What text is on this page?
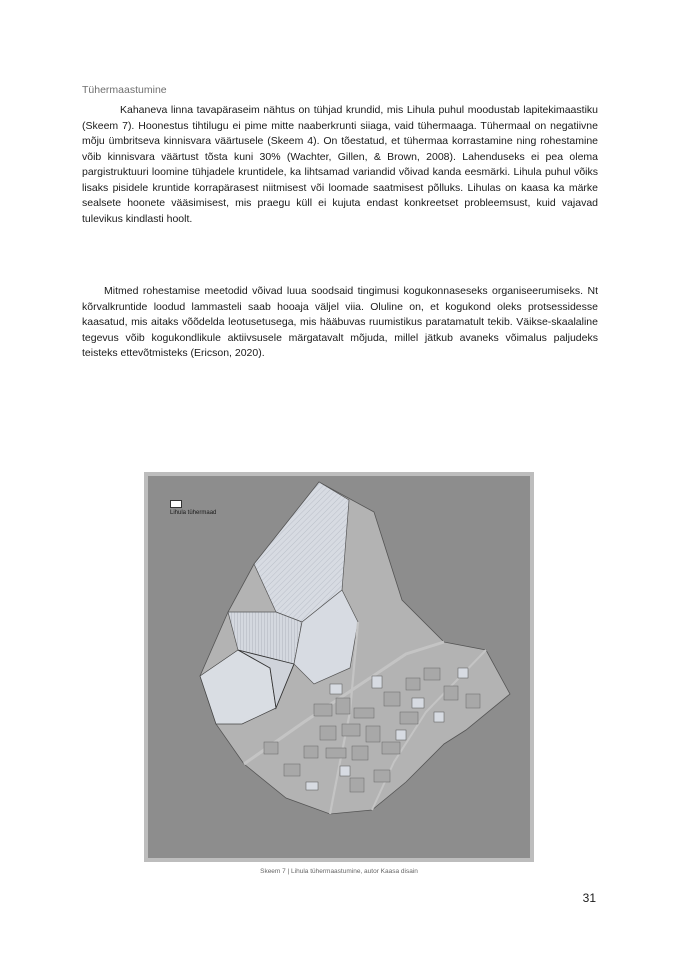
Tühermaastumine

Kahaneva linna tavapäraseim nähtus on tühjad krundid, mis Lihula puhul moodustab lapitekimaastiku (Skeem 7). Hoonestus tihtilugu ei pime mitte naaberkrunti siiaga, vaid tühermaaga. Tühermaal on negatiivne mõju ümbritseva kinnisvara väärtusele (Skeem 4). On tõestatud, et tühermaa korrastamine ning rohestamine võib kinnisvara väärtust tõsta kuni 30% (Wachter, Gillen, & Brown, 2008). Lahenduseks ei pea olema pargistruktuuri loomine tühjadele kruntidele, ka lihtsamad variandid võivad kanda eesmärki. Lihula puhul võiks lisaks pisidele kruntide korrapärasest niitmisest või loomade saatmisest põlluks. Lihulas on kaasa ka märke sealsete hoonete vääsimisest, mis praegu küll ei kujuta endast konkreetset probleemsust, kuid vajavad tulevikus kindlasti hoolt.

Mitmed rohestamise meetodid võivad luua soodsaid tingimusi kogukonnaseseks organiseerumiseks. Nt kõrvalkruntide loodud lammasteli saab hooaja väljel viia. Oluline on, et kogukond oleks protsessidesse kaasatud, mis aitaks võõdelda leotusetusega, mis hääbuvas ruumistikus paratamatult tekib. Väikse-skaalaline tegevus võib kogukondlikule aktiivsusele märgatavalt mõjuda, millel jätkub avaneks võimalus paljudeks teisteks ettevõtmisteks (Ericson, 2020).

Lihula tühermaad
Skeem 7 | Lihula tühermaastumine, autor Kaasa disain
31
